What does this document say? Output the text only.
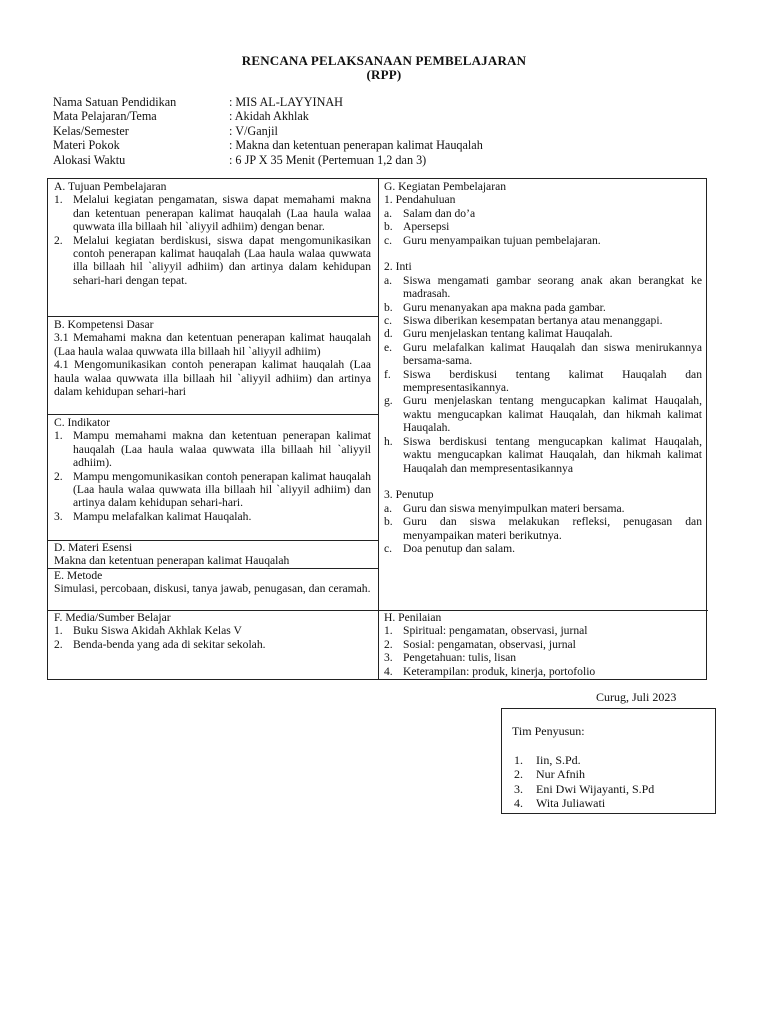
RENCANA PELAKSANAAN PEMBELAJARAN
(RPP)
Nama Satuan Pendidikan	: MIS AL-LAYYINAH
Mata Pelajaran/Tema	: Akidah Akhlak
Kelas/Semester	: V/Ganjil
Materi Pokok	: Makna dan ketentuan penerapan kalimat Hauqalah
Alokasi Waktu	: 6 JP X 35 Menit (Pertemuan 1,2 dan 3)
A. Tujuan Pembelajaran
1. Melalui kegiatan pengamatan, siswa dapat memahami makna dan ketentuan penerapan kalimat hauqalah (Laa haula walaa quwwata illa billaah hil `aliyyil adhiim) dengan benar.
2. Melalui kegiatan berdiskusi, siswa dapat mengomunikasikan contoh penerapan kalimat hauqalah (Laa haula walaa quwwata illa billaah hil `aliyyil adhiim) dan artinya dalam kehidupan sehari-hari dengan tepat.
B. Kompetensi Dasar
3.1 Memahami makna dan ketentuan penerapan kalimat hauqalah (Laa haula walaa quwwata illa billaah hil `aliyyil adhiim)
4.1 Mengomunikasikan contoh penerapan kalimat hauqalah (Laa haula walaa quwwata illa billaah hil `aliyyil adhiim) dan artinya dalam kehidupan sehari-hari
C. Indikator
1. Mampu memahami makna dan ketentuan penerapan kalimat hauqalah (Laa haula walaa quwwata illa billaah hil `aliyyil adhiim).
2. Mampu mengomunikasikan contoh penerapan kalimat hauqalah (Laa haula walaa quwwata illa billaah hil `aliyyil adhiim) dan artinya dalam kehidupan sehari-hari.
3. Mampu melafalkan kalimat Hauqalah.
D. Materi Esensi
Makna dan ketentuan penerapan kalimat Hauqalah
E. Metode
Simulasi, percobaan, diskusi, tanya jawab, penugasan, dan ceramah.
F. Media/Sumber Belajar
1. Buku Siswa Akidah Akhlak Kelas V
2. Benda-benda yang ada di sekitar sekolah.
G. Kegiatan Pembelajaran
1. Pendahuluan
a. Salam dan do’a
b. Apersepsi
c. Guru menyampaikan tujuan pembelajaran.
2. Inti
a. Siswa mengamati gambar seorang anak akan berangkat ke madrasah.
b. Guru menanyakan apa makna pada gambar.
c. Siswa diberikan kesempatan bertanya atau menanggapi.
d. Guru menjelaskan tentang kalimat Hauqalah.
e. Guru melafalkan kalimat Hauqalah dan siswa menirukannya bersama-sama.
f.	Siswa berdiskusi tentang kalimat Hauqalah dan mempresentasikannya.
g. Guru menjelaskan tentang mengucapkan kalimat Hauqalah, waktu mengucapkan kalimat Hauqalah, dan hikmah kalimat Hauqalah.
h. Siswa berdiskusi tentang mengucapkan kalimat Hauqalah, waktu mengucapkan kalimat Hauqalah, dan hikmah kalimat Hauqalah dan mempresentasikannya
3. Penutup
a. Guru dan siswa menyimpulkan materi bersama.
b. Guru dan siswa melakukan refleksi, penugasan dan menyampaikan materi berikutnya.
c. Doa penutup dan salam.
H. Penilaian
1. Spiritual: pengamatan, observasi, jurnal
2. Sosial: pengamatan, observasi, jurnal
3. Pengetahuan: tulis, lisan
4. Keterampilan: produk, kinerja, portofolio
Curug, Juli 2023
Tim Penyusun:
1.	Iin, S.Pd.
2.	Nur Afnih
3.	Eni Dwi Wijayanti, S.Pd
4.	Wita Juliawati
